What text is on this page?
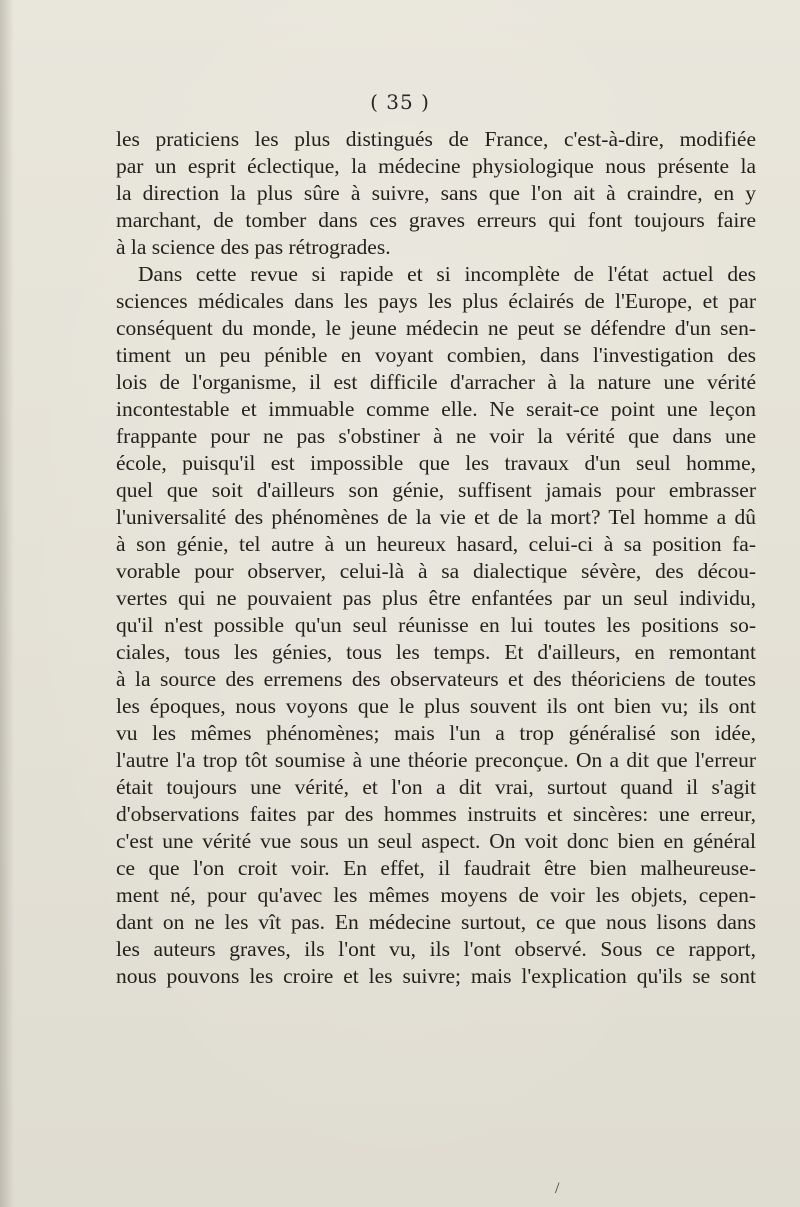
( 35 )
les praticiens les plus distingués de France, c'est-à-dire, modifiée
par un esprit éclectique, la médecine physiologique nous présente la
la direction la plus sûre à suivre, sans que l'on ait à craindre, en y
marchant, de tomber dans ces graves erreurs qui font toujours faire
à la science des pas rétrogrades.
Dans cette revue si rapide et si incomplète de l'état actuel des
sciences médicales dans les pays les plus éclairés de l'Europe, et par
conséquent du monde, le jeune médecin ne peut se défendre d'un sen-
timent un peu pénible en voyant combien, dans l'investigation des
lois de l'organisme, il est difficile d'arracher à la nature une vérité
incontestable et immuable comme elle. Ne serait-ce point une leçon
frappante pour ne pas s'obstiner à ne voir la vérité que dans une
école, puisqu'il est impossible que les travaux d'un seul homme,
quel que soit d'ailleurs son génie, suffisent jamais pour embrasser
l'universalité des phénomènes de la vie et de la mort? Tel homme a dû
à son génie, tel autre à un heureux hasard, celui-ci à sa position fa-
vorable pour observer, celui-là à sa dialectique sévère, des décou-
vertes qui ne pouvaient pas plus être enfantées par un seul individu,
qu'il n'est possible qu'un seul réunisse en lui toutes les positions so-
ciales, tous les génies, tous les temps. Et d'ailleurs, en remontant
à la source des erremens des observateurs et des théoriciens de toutes
les époques, nous voyons que le plus souvent ils ont bien vu; ils ont
vu les mêmes phénomènes; mais l'un a trop généralisé son idée,
l'autre l'a trop tôt soumise à une théorie preconçue. On a dit que l'erreur
était toujours une vérité, et l'on a dit vrai, surtout quand il s'agit
d'observations faites par des hommes instruits et sincères: une erreur,
c'est une vérité vue sous un seul aspect. On voit donc bien en général
ce que l'on croit voir. En effet, il faudrait être bien malheureuse-
ment né, pour qu'avec les mêmes moyens de voir les objets, cepen-
dant on ne les vît pas. En médecine surtout, ce que nous lisons dans
les auteurs graves, ils l'ont vu, ils l'ont observé. Sous ce rapport,
nous pouvons les croire et les suivre; mais l'explication qu'ils se sont
/
